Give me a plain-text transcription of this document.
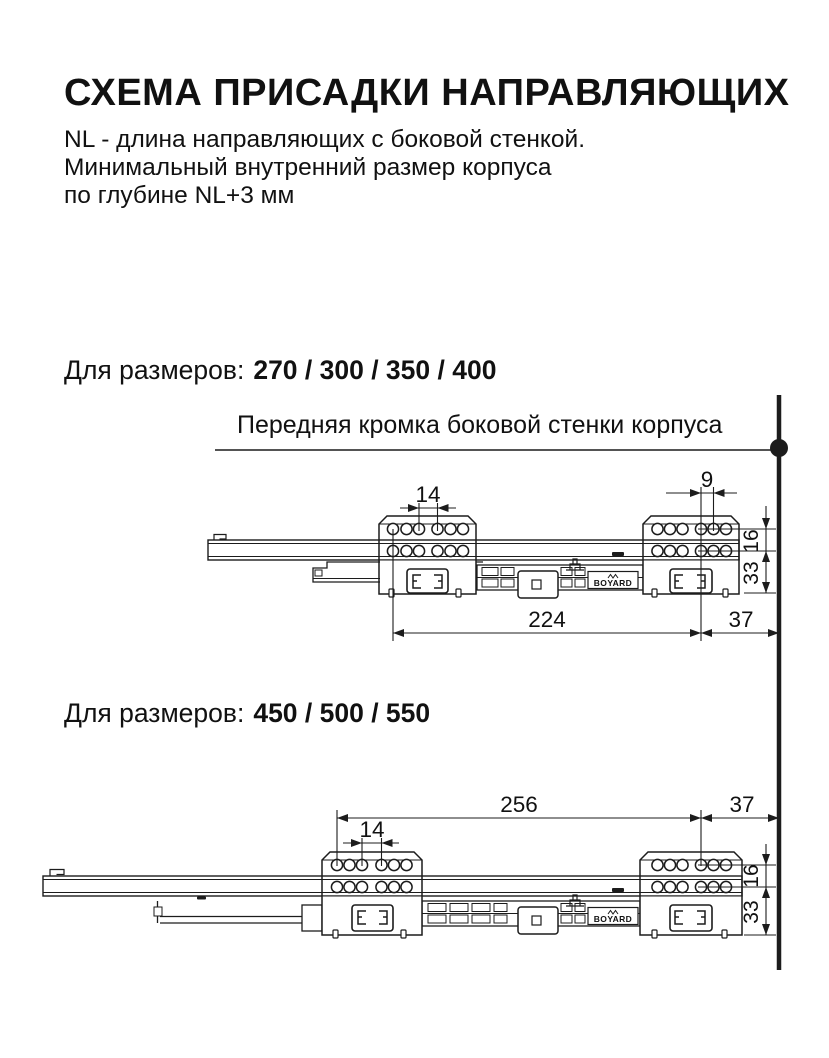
СХЕМА ПРИСАДКИ НАПРАВЛЯЮЩИХ
NL - длина направляющих с боковой стенкой.
Минимальный внутренний размер корпуса
по глубине NL+3 мм
Для размеров: 270 / 300 / 350 / 400
Передняя кромка боковой стенки корпуса
Для размеров: 450 / 500 / 550
BOYARD
BOYARD
14
9
16
33
224	37
256	37
14
16
33
